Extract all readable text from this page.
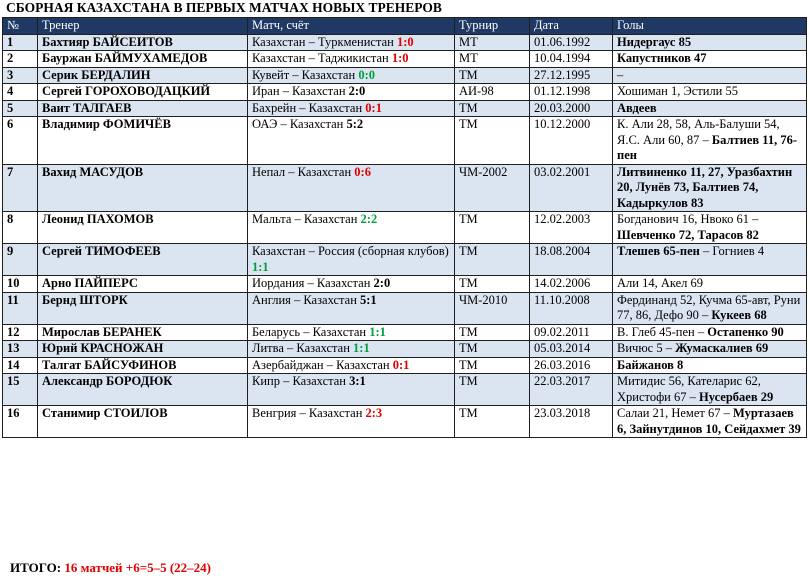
СБОРНАЯ КАЗАХСТАНА В ПЕРВЫХ МАТЧАХ НОВЫХ ТРЕНЕРОВ
№	Тренер	Матч, счёт	Турнир	Дата	Голы
1	Бахтияр БАЙСЕИТОВ	Казахстан – Туркменистан 1:0	МТ	01.06.1992	Нидергаус 85
2	Бауржан БАЙМУХАМЕДОВ	Казахстан – Таджикистан 1:0	МТ	10.04.1994	Капустников 47
3	Серик БЕРДАЛИН	Кувейт – Казахстан 0:0	ТМ	27.12.1995	–
4	Сергей ГОРОХОВОДАЦКИЙ	Иран – Казахстан 2:0	АИ-98	01.12.1998	Хошиман 1, Эстили 55
5	Ваит ТАЛГАЕВ	Бахрейн – Казахстан 0:1	ТМ	20.03.2000	Авдеев
6	Владимир ФОМИЧЁВ	ОАЭ – Казахстан 5:2	ТМ	10.12.2000	К. Али 28, 58, Аль-Балуши 54, Я.С. Али 60, 87 – Балтиев 11, 76-пен
7	Вахид МАСУДОВ	Непал – Казахстан 0:6	ЧМ-2002	03.02.2001	Литвиненко 11, 27, Уразбахтин 20, Лунёв 73, Балтиев 74, Кадыркулов 83
8	Леонид ПАХОМОВ	Мальта – Казахстан 2:2	ТМ	12.02.2003	Богданович 16, Нвоко 61 – Шевченко 72, Тарасов 82
9	Сергей ТИМОФЕЕВ	Казахстан – Россия (сборная клубов) 1:1	ТМ	18.08.2004	Тлешев 65-пен – Гогниев 4
10	Арно ПАЙПЕРС	Иордания – Казахстан 2:0	ТМ	14.02.2006	Али 14, Акел 69
11	Бернд ШТОРК	Англия – Казахстан 5:1	ЧМ-2010	11.10.2008	Фердинанд 52, Кучма 65-авт, Руни 77, 86, Дефо 90 – Кукеев 68
12	Мирослав БЕРАНЕК	Беларусь – Казахстан 1:1	ТМ	09.02.2011	В. Глеб 45-пен – Остапенко 90
13	Юрий КРАСНОЖАН	Литва – Казахстан 1:1	ТМ	05.03.2014	Вичюс 5 – Жумаскалиев 69
14	Талгат БАЙСУФИНОВ	Азербайджан – Казахстан 0:1	ТМ	26.03.2016	Байжанов 8
15	Александр БОРОДЮК	Кипр – Казахстан 3:1	ТМ	22.03.2017	Митидис 56, Кателарис 62, Христофи 67 – Нусербаев 29
16	Станимир СТОИЛОВ	Венгрия – Казахстан 2:3	ТМ	23.03.2018	Салаи 21, Немет 67 – Муртазаев 6, Зайнутдинов 10, Сейдахмет 39
ИТОГО: 16 матчей +6=5–5 (22–24)
